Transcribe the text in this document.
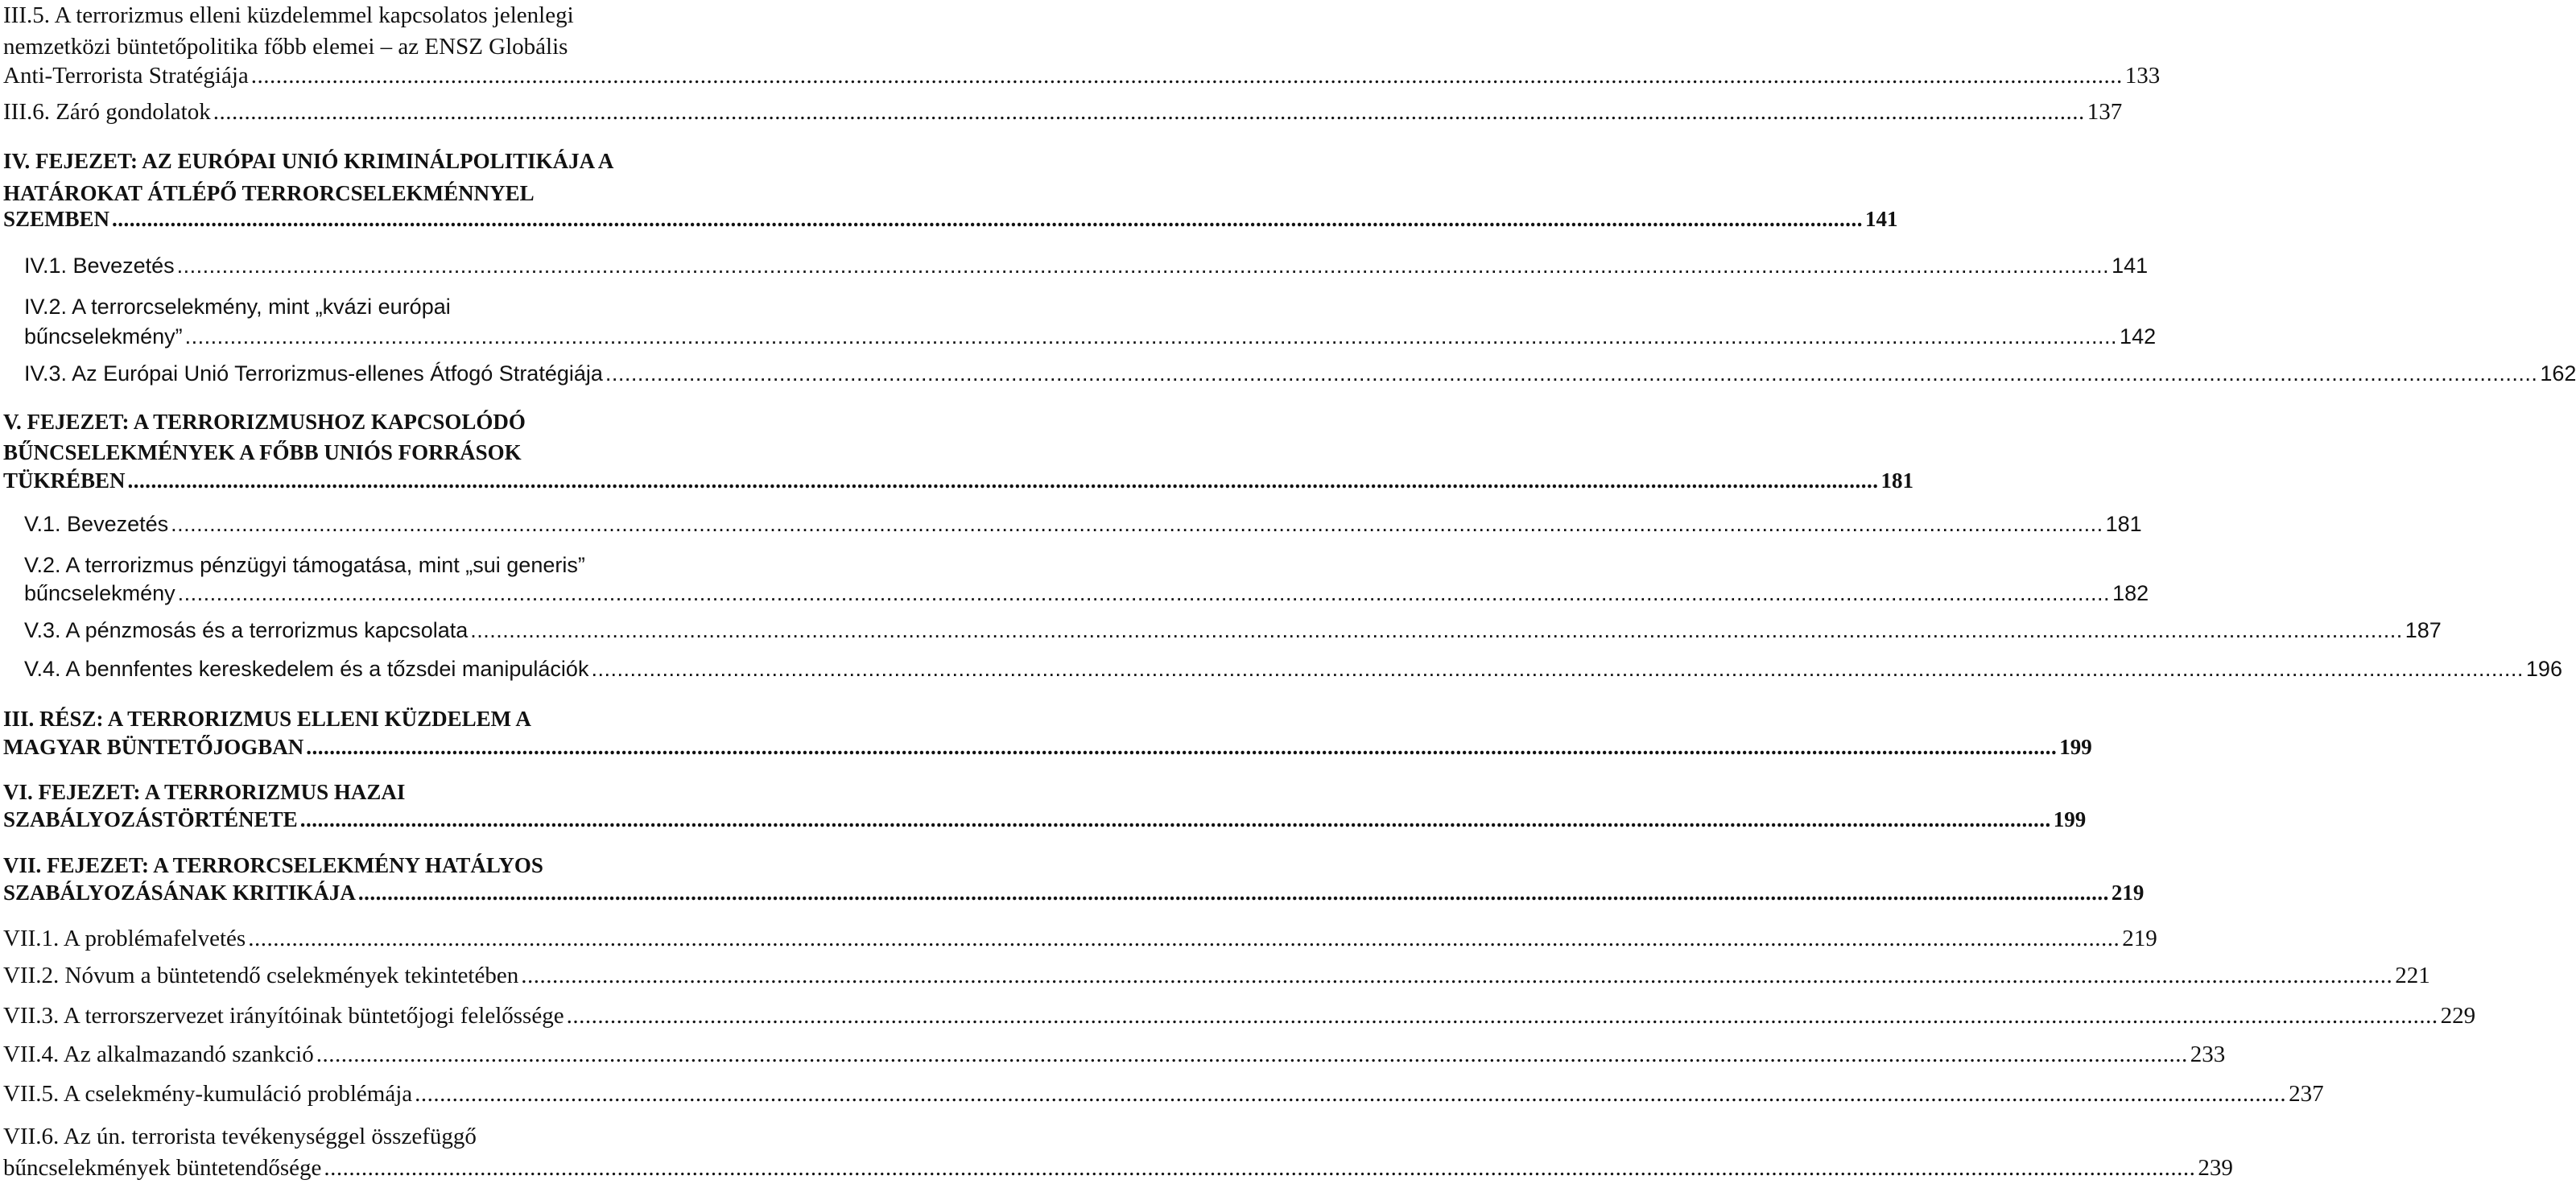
III.5. A terrorizmus elleni küzdelemmel kapcsolatos jelenlegi
nemzetközi büntetőpolitika főbb elemei – az ENSZ Globális
Anti-Terrorista Stratégiája ............................................................................................................................................................................................................................................................................................................ 133
III.6. Záró gondolatok ............................................................................................................................................................................................................................................................................................................ 137
IV. FEJEZET: AZ EURÓPAI UNIÓ KRIMINÁLPOLITIKÁJA A
HATÁROKAT ÁTLÉPŐ TERRORCSELEKMÉNNYEL
SZEMBEN ............................................................................................................................................................................................................................................................................................................ 141
IV.1. Bevezetés ............................................................................................................................................................................................................................................................................................................ 141
IV.2. A terrorcselekmény, mint „kvázi európai
bűncselekmény” ............................................................................................................................................................................................................................................................................................................ 142
IV.3. Az Európai Unió Terrorizmus-ellenes Átfogó Stratégiája ............................................................................................................................................................................................................................................................................................................ 162
V. FEJEZET: A TERRORIZMUSHOZ KAPCSOLÓDÓ
BŰNCSELEKMÉNYEK A FŐBB UNIÓS FORRÁSOK
TÜKRÉBEN ............................................................................................................................................................................................................................................................................................................ 181
V.1. Bevezetés ............................................................................................................................................................................................................................................................................................................ 181
V.2. A terrorizmus pénzügyi támogatása, mint „sui generis”
bűncselekmény ............................................................................................................................................................................................................................................................................................................ 182
V.3. A pénzmosás és a terrorizmus kapcsolata ............................................................................................................................................................................................................................................................................................................ 187
V.4. A bennfentes kereskedelem és a tőzsdei manipulációk ............................................................................................................................................................................................................................................................................................................ 196
III. RÉSZ: A TERRORIZMUS ELLENI KÜZDELEM A
MAGYAR BÜNTETŐJOGBAN ............................................................................................................................................................................................................................................................................................................ 199
VI. FEJEZET: A TERRORIZMUS HAZAI
SZABÁLYOZÁSTÖRTÉNETE ............................................................................................................................................................................................................................................................................................................ 199
VII. FEJEZET: A TERRORCSELEKMÉNY HATÁLYOS
SZABÁLYOZÁSÁNAK KRITIKÁJA ............................................................................................................................................................................................................................................................................................................ 219
VII.1. A problémafelvetés ............................................................................................................................................................................................................................................................................................................ 219
VII.2. Nóvum a büntetendő cselekmények tekintetében ............................................................................................................................................................................................................................................................................................................ 221
VII.3. A terrorszervezet irányítóinak büntetőjogi felelőssége ............................................................................................................................................................................................................................................................................................................ 229
VII.4. Az alkalmazandó szankció ............................................................................................................................................................................................................................................................................................................ 233
VII.5. A cselekmény-kumuláció problémája ............................................................................................................................................................................................................................................................................................................ 237
VII.6. Az ún. terrorista tevékenységgel összefüggő
bűncselekmények büntetendősége ............................................................................................................................................................................................................................................................................................................ 239
